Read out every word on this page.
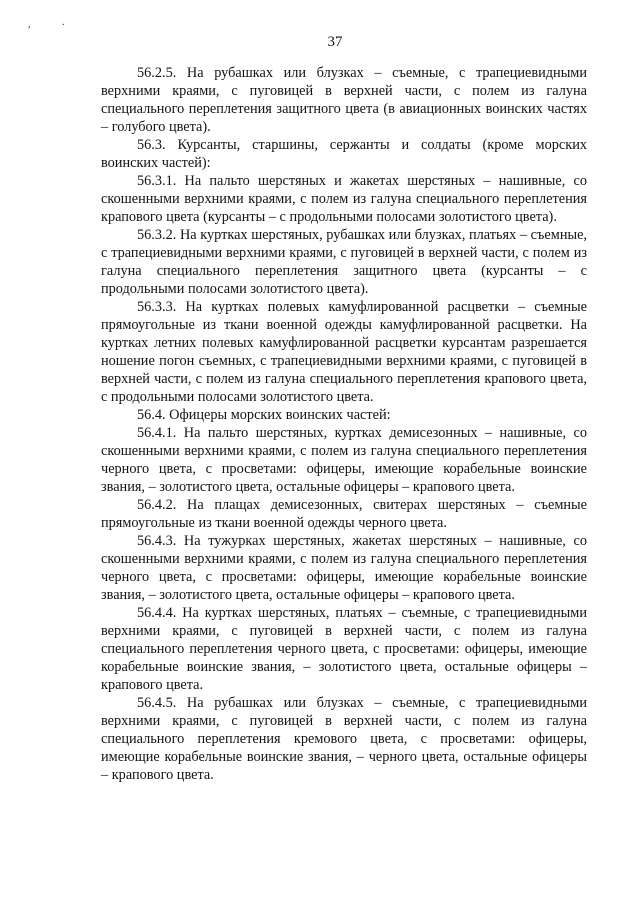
,	.
37

56.2.5. На рубашках или блузках – съемные, с трапециевидными верхними краями, с пуговицей в верхней части, с полем из галуна специального переплетения защитного цвета (в авиационных воинских частях – голубого цвета).

56.3. Курсанты, старшины, сержанты и солдаты (кроме морских воинских частей):

56.3.1. На пальто шерстяных и жакетах шерстяных – нашивные, со скошенными верхними краями, с полем из галуна специального переплетения крапового цвета (курсанты – с продольными полосами золотистого цвета).

56.3.2. На куртках шерстяных, рубашках или блузках, платьях – съемные, с трапециевидными верхними краями, с пуговицей в верхней части, с полем из галуна специального переплетения защитного цвета (курсанты – с продольными полосами золотистого цвета).

56.3.3. На куртках полевых камуфлированной расцветки – съемные прямоугольные из ткани военной одежды камуфлированной расцветки. На куртках летних полевых камуфлированной расцветки курсантам разрешается ношение погон съемных, с трапециевидными верхними краями, с пуговицей в верхней части, с полем из галуна специального переплетения крапового цвета, с продольными полосами золотистого цвета.

56.4. Офицеры морских воинских частей:

56.4.1. На пальто шерстяных, куртках демисезонных – нашивные, со скошенными верхними краями, с полем из галуна специального переплетения черного цвета, с просветами: офицеры, имеющие корабельные воинские звания, – золотистого цвета, остальные офицеры – крапового цвета.

56.4.2. На плащах демисезонных, свитерах шерстяных – съемные прямоугольные из ткани военной одежды черного цвета.

56.4.3. На тужурках шерстяных, жакетах шерстяных – нашивные, со скошенными верхними краями, с полем из галуна специального переплетения черного цвета, с просветами: офицеры, имеющие корабельные воинские звания, – золотистого цвета, остальные офицеры – крапового цвета.

56.4.4. На куртках шерстяных, платьях – съемные, с трапециевидными верхними краями, с пуговицей в верхней части, с полем из галуна специального переплетения черного цвета, с просветами: офицеры, имеющие корабельные воинские звания, – золотистого цвета, остальные офицеры – крапового цвета.

56.4.5. На рубашках или блузках – съемные, с трапециевидными верхними краями, с пуговицей в верхней части, с полем из галуна специального переплетения кремового цвета, с просветами: офицеры, имеющие корабельные воинские звания, – черного цвета, остальные офицеры – крапового цвета.
